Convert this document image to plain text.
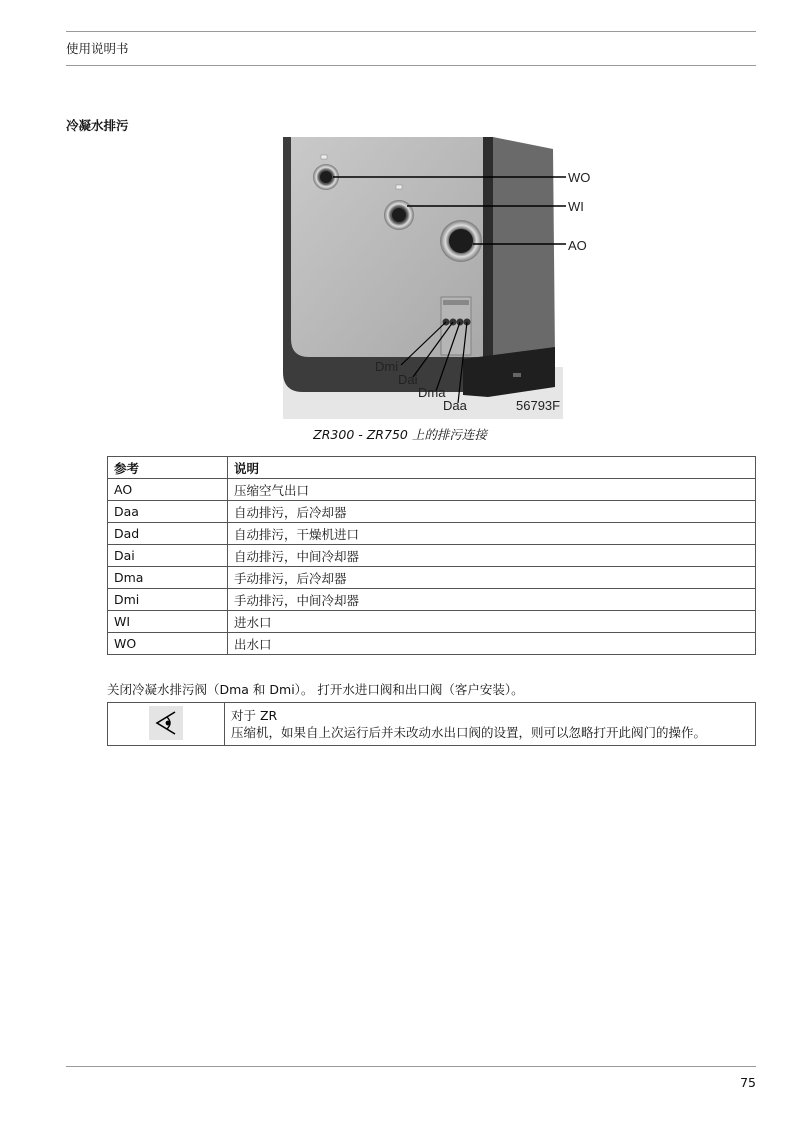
使用说明书
冷凝水排污
WO
WI
AO
Dmi
Dai
Dma
Daa	56793F
ZR300 - ZR750 上的排污连接
参考	说明
AO	压缩空气出口
Daa	自动排污，后冷却器
Dad	自动排污，干燥机进口
Dai	自动排污，中间冷却器
Dma	手动排污，后冷却器
Dmi	手动排污，中间冷却器
WI	进水口
WO	出水口
关闭冷凝水排污阀（Dma 和 Dmi）。 打开水进口阀和出口阀（客户安装）。

对于 ZR
压缩机，如果自上次运行后并未改动水出口阀的设置，则可以忽略打开此阀门的操作。
75
